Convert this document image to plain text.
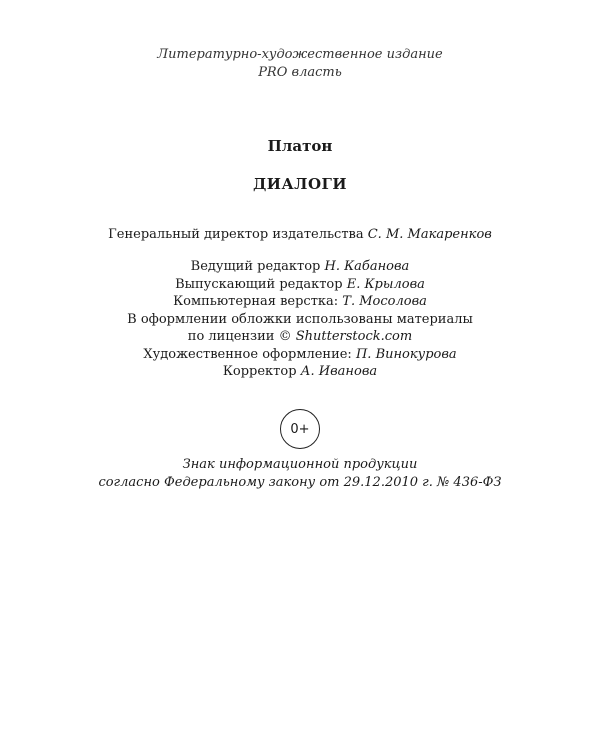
Литературно-художественное издание
PRO власть
Платон
ДИАЛОГИ
Генеральный директор издательства С. М. Макаренков
Ведущий редактор Н. Кабанова
Выпускающий редактор Е. Крылова
Компьютерная верстка: Т. Мосолова
В оформлении обложки использованы материалы
по лицензии © Shutterstock.com
Художественное оформление: П. Винокурова
Корректор А. Иванова
0+
Знак информационной продукции
согласно Федеральному закону от 29.12.2010 г. № 436-ФЗ
